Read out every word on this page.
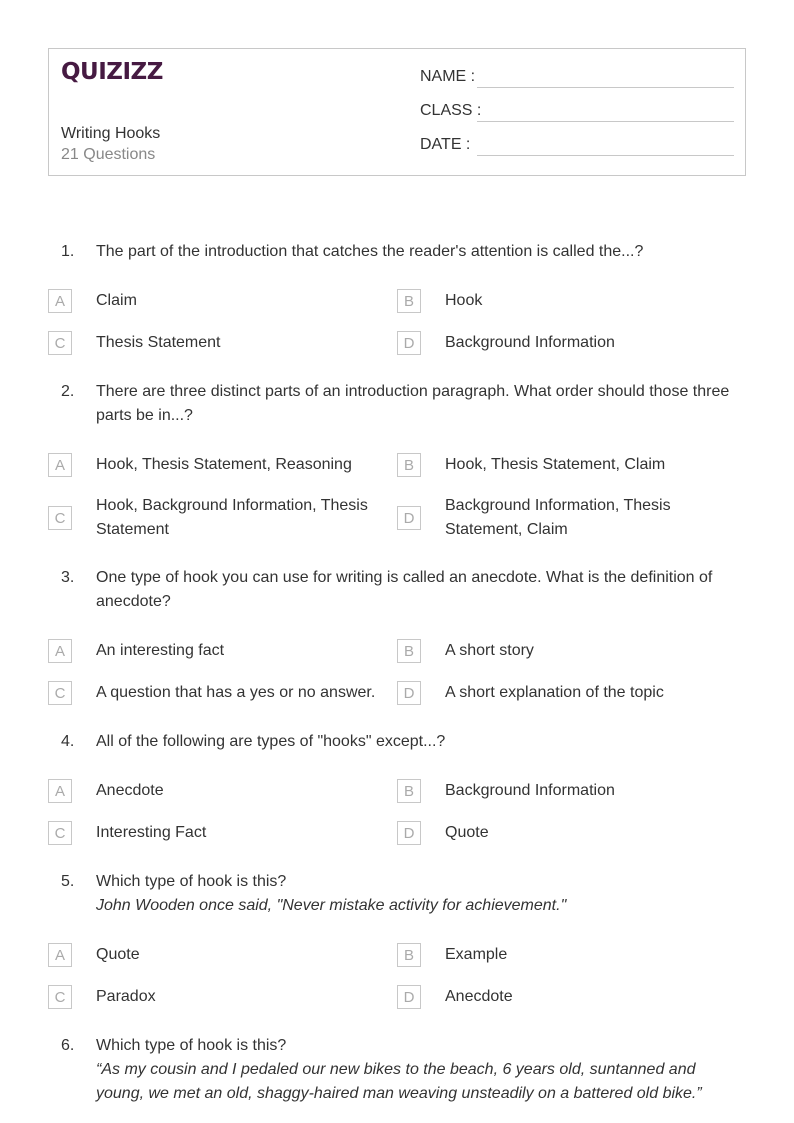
QUIZIZZ
Writing Hooks
21 Questions
NAME :
CLASS :
DATE :
1. The part of the introduction that catches the reader's attention is called the...?
A	Claim	B	Hook
C	Thesis Statement	D	Background Information
2. There are three distinct parts of an introduction paragraph. What order should those three parts be in...?
A	Hook, Thesis Statement, Reasoning	B	Hook, Thesis Statement, Claim
C
Hook, Background Information, Thesis Statement
D
Background Information, Thesis Statement, Claim
3. One type of hook you can use for writing is called an anecdote. What is the definition of anecdote?
A	An interesting fact	B	A short story
C	A question that has a yes or no answer.	D	A short explanation of the topic
4. All of the following are types of "hooks" except...?
A	Anecdote	B	Background Information
C	Interesting Fact	D	Quote
5. Which type of hook is this?
John Wooden once said, "Never mistake activity for achievement."
A	Quote	B	Example
C	Paradox	D	Anecdote
6. Which type of hook is this?
“As my cousin and I pedaled our new bikes to the beach, 6 years old, suntanned and young, we met an old, shaggy-haired man weaving unsteadily on a battered old bike.”
